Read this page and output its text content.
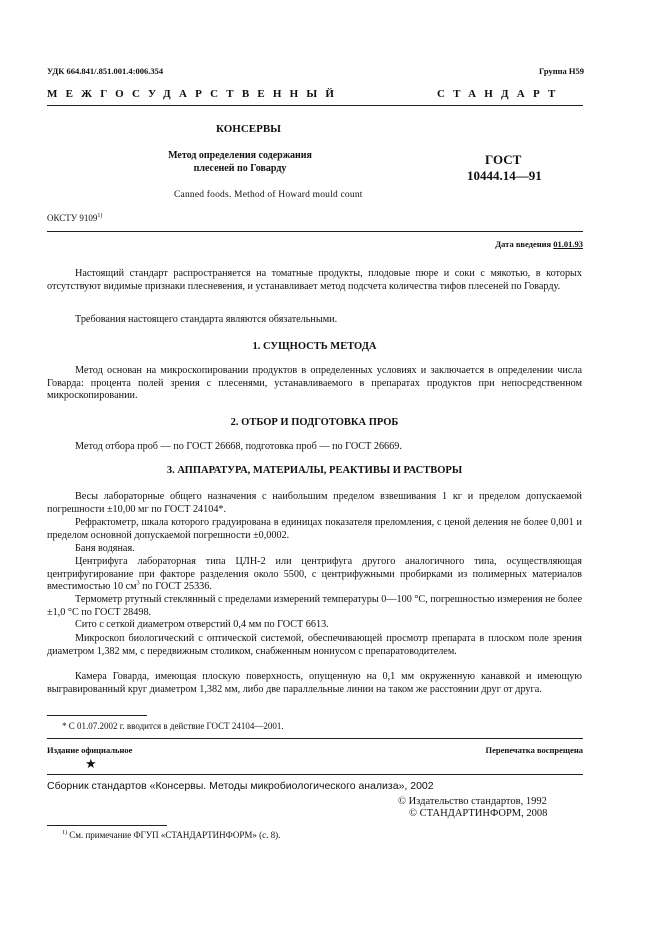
УДК 664.841/.851.001.4:006.354	Группа Н59
МЕЖГОСУДАРСТВЕННЫЙ	СТАНДАРТ
КОНСЕРВЫ
Метод определения содержания
плесеней по Говарду
Canned foods. Method of Howard mould count
ГОСТ
10444.14—91
ОКСТУ 9109$^{1)}$
Дата введения 01.01.93
Настоящий стандарт распространяется на томатные продукты, плодовые пюре и соки с мякотью, в которых отсутствуют видимые признаки плесневения, и устанавливает метод подсчета количества тифов плесеней по Говарду.
Требования настоящего стандарта являются обязательными.
1. СУЩНОСТЬ МЕТОДА
Метод основан на микроскопировании продуктов в определенных условиях и заключается в определении числа Говарда: процента полей зрения с плесенями, устанавливаемого в препаратах продуктов при непосредственном микроскопировании.
2. ОТБОР И ПОДГОТОВКА ПРОБ
Метод отбора проб — по ГОСТ 26668, подготовка проб — по ГОСТ 26669.
3. АППАРАТУРА, МАТЕРИАЛЫ, РЕАКТИВЫ И РАСТВОРЫ
Весы лабораторные общего назначения с наибольшим пределом взвешивания 1 кг и пределом допускаемой погрешности ±10,00 мг по ГОСТ 24104*.
Рефрактометр, шкала которого градуирована в единицах показателя преломления, с ценой деления не более 0,001 и пределом основной допускаемой погрешности ±0,0002.
Баня водяная.
Центрифуга лабораторная типа ЦЛН-2 или центрифуга другого аналогичного типа, осуществляющая центрифугирование при факторе разделения около 5500, с центрифужными пробирками из полимерных материалов вместимостью 10 $см^3$ по ГОСТ 25336.
Термометр ртутный стеклянный с пределами измерений температуры 0—100 °С, погрешностью измерения не более ±1,0 °С по ГОСТ 28498.
Сито с сеткой диаметром отверстий 0,4 мм по ГОСТ 6613.
Микроскоп биологический с оптической системой, обеспечивающей просмотр препарата в плоском поле зрения диаметром 1,382 мм, с передвижным столиком, снабженным нониусом с препаратоводителем.
Камера Говарда, имеющая плоскую поверхность, опущенную на 0,1 мм окруженную канавкой и имеющую выгравированный круг диаметром 1,382 мм, либо две параллельные линии на таком же расстоянии друг от друга.
* С 01.07.2002 г. вводится в действие ГОСТ 24104—2001.
Издание официальное
★
Перепечатка воспрещена
Сборник стандартов «Консервы. Методы микробиологического анализа», 2002
© Издательство стандартов, 1992
© СТАНДАРТИНФОРМ, 2008
$^{1)}$ См. примечание ФГУП «СТАНДАРТИНФОРМ» (с. 8).
